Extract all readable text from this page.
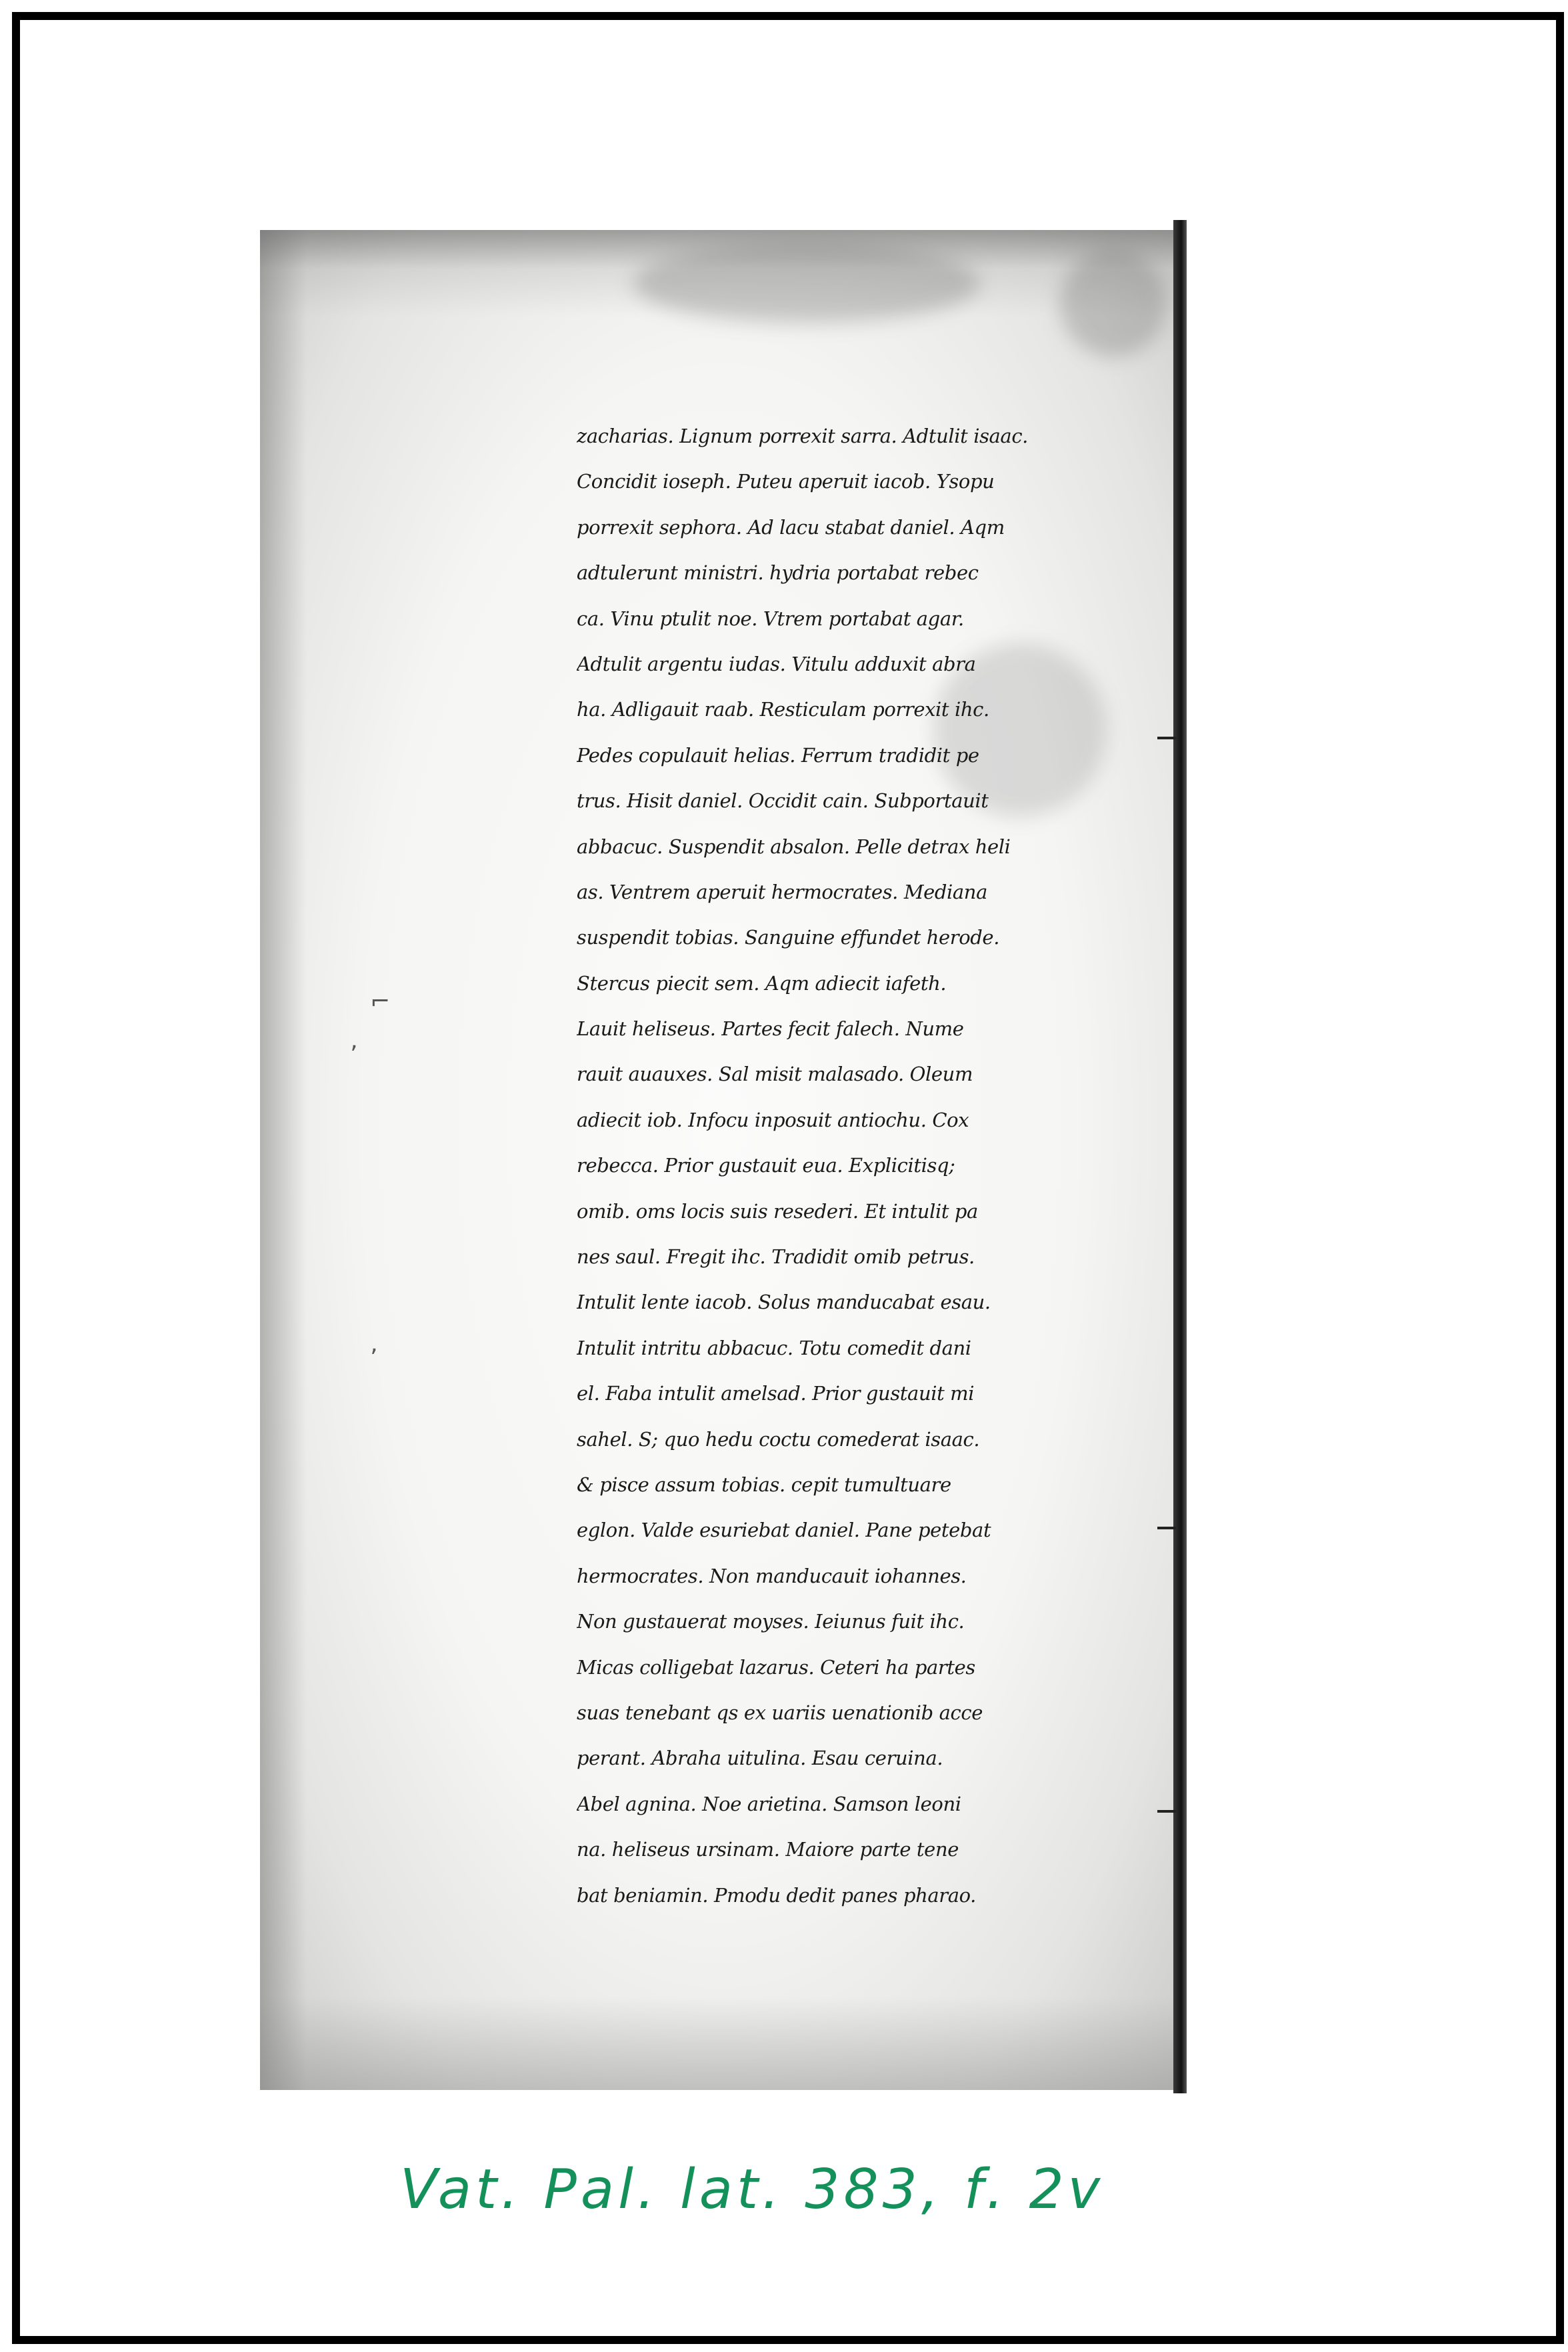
⌐
ʼ
ʼ
zacharias. Lignum porrexit sarra. Adtulit isaac.
Concidit ioseph. Puteu aperuit iacob. Ysopu
porrexit sephora. Ad lacu stabat daniel. Aqm
adtulerunt ministri. hydria portabat rebec
ca. Vinu ptulit noe. Vtrem portabat agar.
Adtulit argentu iudas. Vitulu adduxit abra
ha. Adligauit raab. Resticulam porrexit ihc.
Pedes copulauit helias. Ferrum tradidit pe
trus. Hisit daniel. Occidit cain. Subportauit
abbacuc. Suspendit absalon. Pelle detrax heli
as. Ventrem aperuit hermocrates. Mediana
suspendit tobias. Sanguine effundet herode.
Stercus piecit sem. Aqm adiecit iafeth.
Lauit heliseus. Partes fecit falech. Nume
rauit auauxes. Sal misit malasado. Oleum
adiecit iob. Infocu inposuit antiochu. Cox
rebecca. Prior gustauit eua. Explicitisq;
omib. oms locis suis resederi. Et intulit pa
nes saul. Fregit ihc. Tradidit omib petrus.
Intulit lente iacob. Solus manducabat esau.
Intulit intritu abbacuc. Totu comedit dani
el. Faba intulit amelsad. Prior gustauit mi
sahel. S; quo hedu coctu comederat isaac.
& pisce assum tobias. cepit tumultuare
eglon. Valde esuriebat daniel. Pane petebat
hermocrates. Non manducauit iohannes.
Non gustauerat moyses. Ieiunus fuit ihc.
Micas colligebat lazarus. Ceteri ha partes
suas tenebant qs ex uariis uenationib acce
perant. Abraha uitulina. Esau ceruina.
Abel agnina. Noe arietina. Samson leoni
na. heliseus ursinam. Maiore parte tene
bat beniamin. Pmodu dedit panes pharao.
Vat. Pal. lat. 383, f. 2v
